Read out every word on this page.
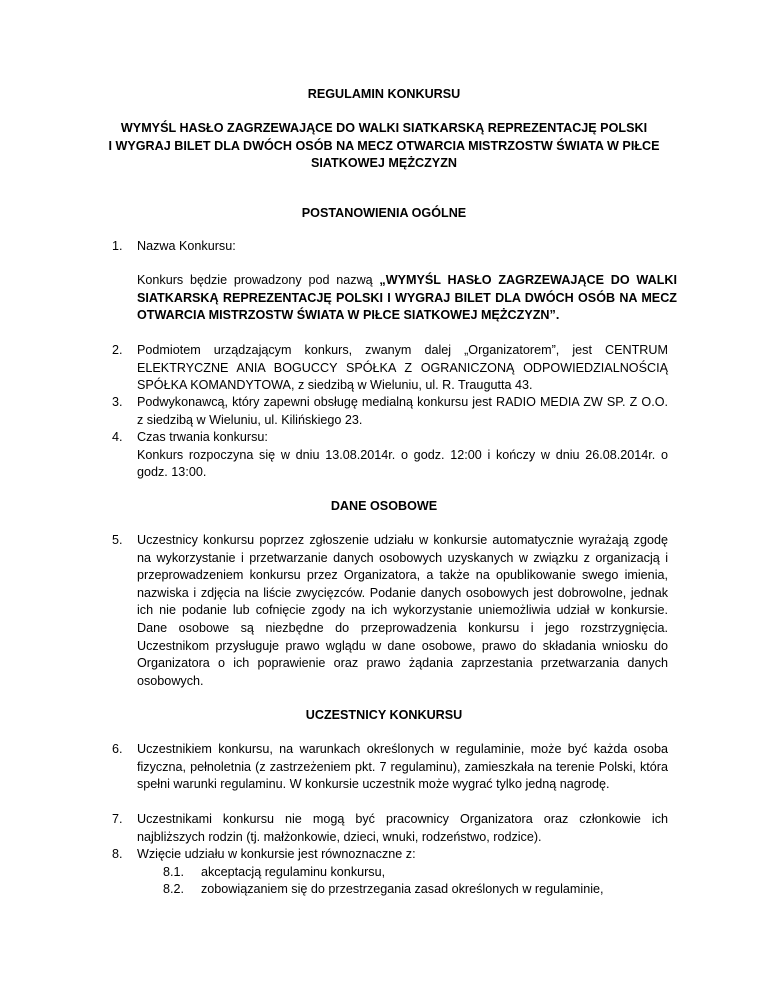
REGULAMIN KONKURSU
WYMYŚL HASŁO ZAGRZEWAJĄCE DO WALKI SIATKARSKĄ REPREZENTACJĘ POLSKI
I WYGRAJ BILET DLA DWÓCH OSÓB NA MECZ OTWARCIA MISTRZOSTW ŚWIATA W PIŁCE
SIATKOWEJ MĘŻCZYZN
POSTANOWIENIA OGÓLNE
1.	Nazwa Konkursu:
Konkurs będzie prowadzony pod nazwą „WYMYŚL HASŁO ZAGRZEWAJĄCE DO WALKI SIATKARSKĄ REPREZENTACJĘ POLSKI I WYGRAJ BILET DLA DWÓCH OSÓB NA MECZ OTWARCIA MISTRZOSTW ŚWIATA W PIŁCE SIATKOWEJ MĘŻCZYZN”.
2.	Podmiotem urządzającym konkurs, zwanym dalej „Organizatorem”, jest CENTRUM ELEKTRYCZNE ANIA BOGUCCY SPÓŁKA Z OGRANICZONĄ ODPOWIEDZIALNOŚCIĄ SPÓŁKA KOMANDYTOWA, z siedzibą w Wieluniu, ul. R. Traugutta 43.
3.	Podwykonawcą, który zapewni obsługę medialną konkursu jest RADIO MEDIA ZW SP. Z O.O. z siedzibą w Wieluniu, ul. Kilińskiego 23.
4.	Czas trwania konkursu:
Konkurs rozpoczyna się w dniu 13.08.2014r. o godz. 12:00 i kończy w dniu 26.08.2014r. o godz. 13:00.
DANE OSOBOWE
5.	Uczestnicy konkursu poprzez zgłoszenie udziału w konkursie automatycznie wyrażają zgodę na wykorzystanie i przetwarzanie danych osobowych uzyskanych w związku z organizacją i przeprowadzeniem konkursu przez Organizatora, a także na opublikowanie swego imienia, nazwiska i zdjęcia na liście zwycięzców. Podanie danych osobowych jest dobrowolne, jednak ich nie podanie lub cofnięcie zgody na ich wykorzystanie uniemożliwia udział w konkursie. Dane osobowe są niezbędne do przeprowadzenia konkursu i jego rozstrzygnięcia. Uczestnikom przysługuje prawo wglądu w dane osobowe, prawo do składania wniosku do Organizatora o ich poprawienie oraz prawo żądania zaprzestania przetwarzania danych osobowych.
UCZESTNICY KONKURSU
6.	Uczestnikiem konkursu, na warunkach określonych w regulaminie, może być każda osoba fizyczna, pełnoletnia (z zastrzeżeniem pkt. 7 regulaminu), zamieszkała na terenie Polski, która spełni warunki regulaminu. W konkursie uczestnik może wygrać tylko jedną nagrodę.
7.	Uczestnikami konkursu nie mogą być pracownicy Organizatora oraz członkowie ich najbliższych rodzin (tj. małżonkowie, dzieci, wnuki, rodzeństwo, rodzice).
8.	Wzięcie udziału w konkursie jest równoznaczne z:
8.1. akceptacją regulaminu konkursu,
8.2. zobowiązaniem się do przestrzegania zasad określonych w regulaminie,
